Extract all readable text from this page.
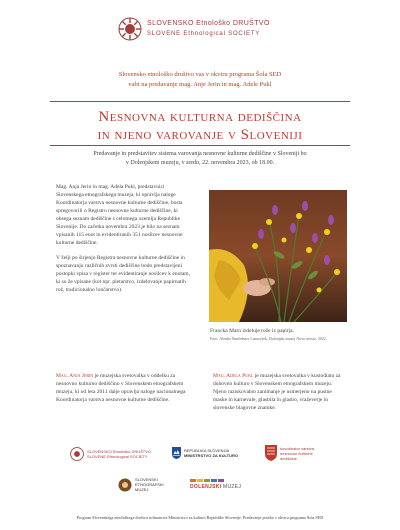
SLOVENSKO Etnološko DRUŠTVO
SLOVENE Ethnological SOCIETY
Slovensko etnološko društvo vas v okviru programa Šola SED
vabi na predavanje mag. Anje Jerin in mag. Adele Pukl
Nesnovna kulturna dediščina
in njeno varovanje v Sloveniji
Predavanje in predstavitev sistema varovanja nesnovne kulturne dediščine v Sloveniji bo
v Dolenjskem muzeju, v sredo, 22. novembra 2023, ob 18.00.

Mag. Anja Jerin in mag. Adela Pukl, predstavnici Slovenskega etnografskega muzeja, ki opravlja naloge Koordinatorja varstva nesnovne kulturne dediščine, bosta spregovorili o Registru nesnovne kulturne dediščine, ki obsega seznam dediščine s celotnega ozemlja Republike Slovenije. Do začetka novembra 2023 je bilo na seznam vpisanih 115 enot in evidentiranih 351 nosilcev nesnovne kulturne dediščine.

V želji po širjenju Registra nesnovne kulturne dediščine in spoznavanju različnih zvrsti dediščine bodo predstavljeni postopki vpisa v register ter evidentiranje nosilcev k enotam, ki so že vpisane (kot npr. pletarstvo, izdelovanje papirnatih rož, tradicionalno lončarstvo).

Francka Marn izdeluje rože iz papirja.
Foto: Alenka Šmitlehner Lamovšek, Dolenjski muzej Novo mesto, 2022.
Mag. Anja Jerin je muzejska svetovalka v oddelku za nesnovno kulturno dediščino v Slovenskem etnografskem muzeju, ki od leta 2011 dalje opravlja naloge nacionalnega Koordinatorja varstva nesnovne kulturne dediščine.
Mag. Adela Pukl je muzejska svetovalka v kustodiatu za duhovno kulturo v Slovenskem etnografskem muzeju. Njeno raziskovalno zanimanje je usmerjeno na pustne maske in karnevale, glasbila in glasbo, vraževerje in slovenske blagovne znamke.
SLOVENSKO Etnološko DRUŠTVO
SLOVENE Ethnological SOCIETY
REPUBLIKA SLOVENIJA
MINISTRSTVO ZA KULTURO
koordinator varstva
nesnovne kulturne
dediščine
SLOVENSKI
ETNOGRAFSKI
MUZEJ	DOLENJSKI MUZEJ
Program Slovenskega etnološkega društva sofinancira Ministrstvo za kulturo Republike Slovenije. Predavanje poteka v okviru programa Šola SED
